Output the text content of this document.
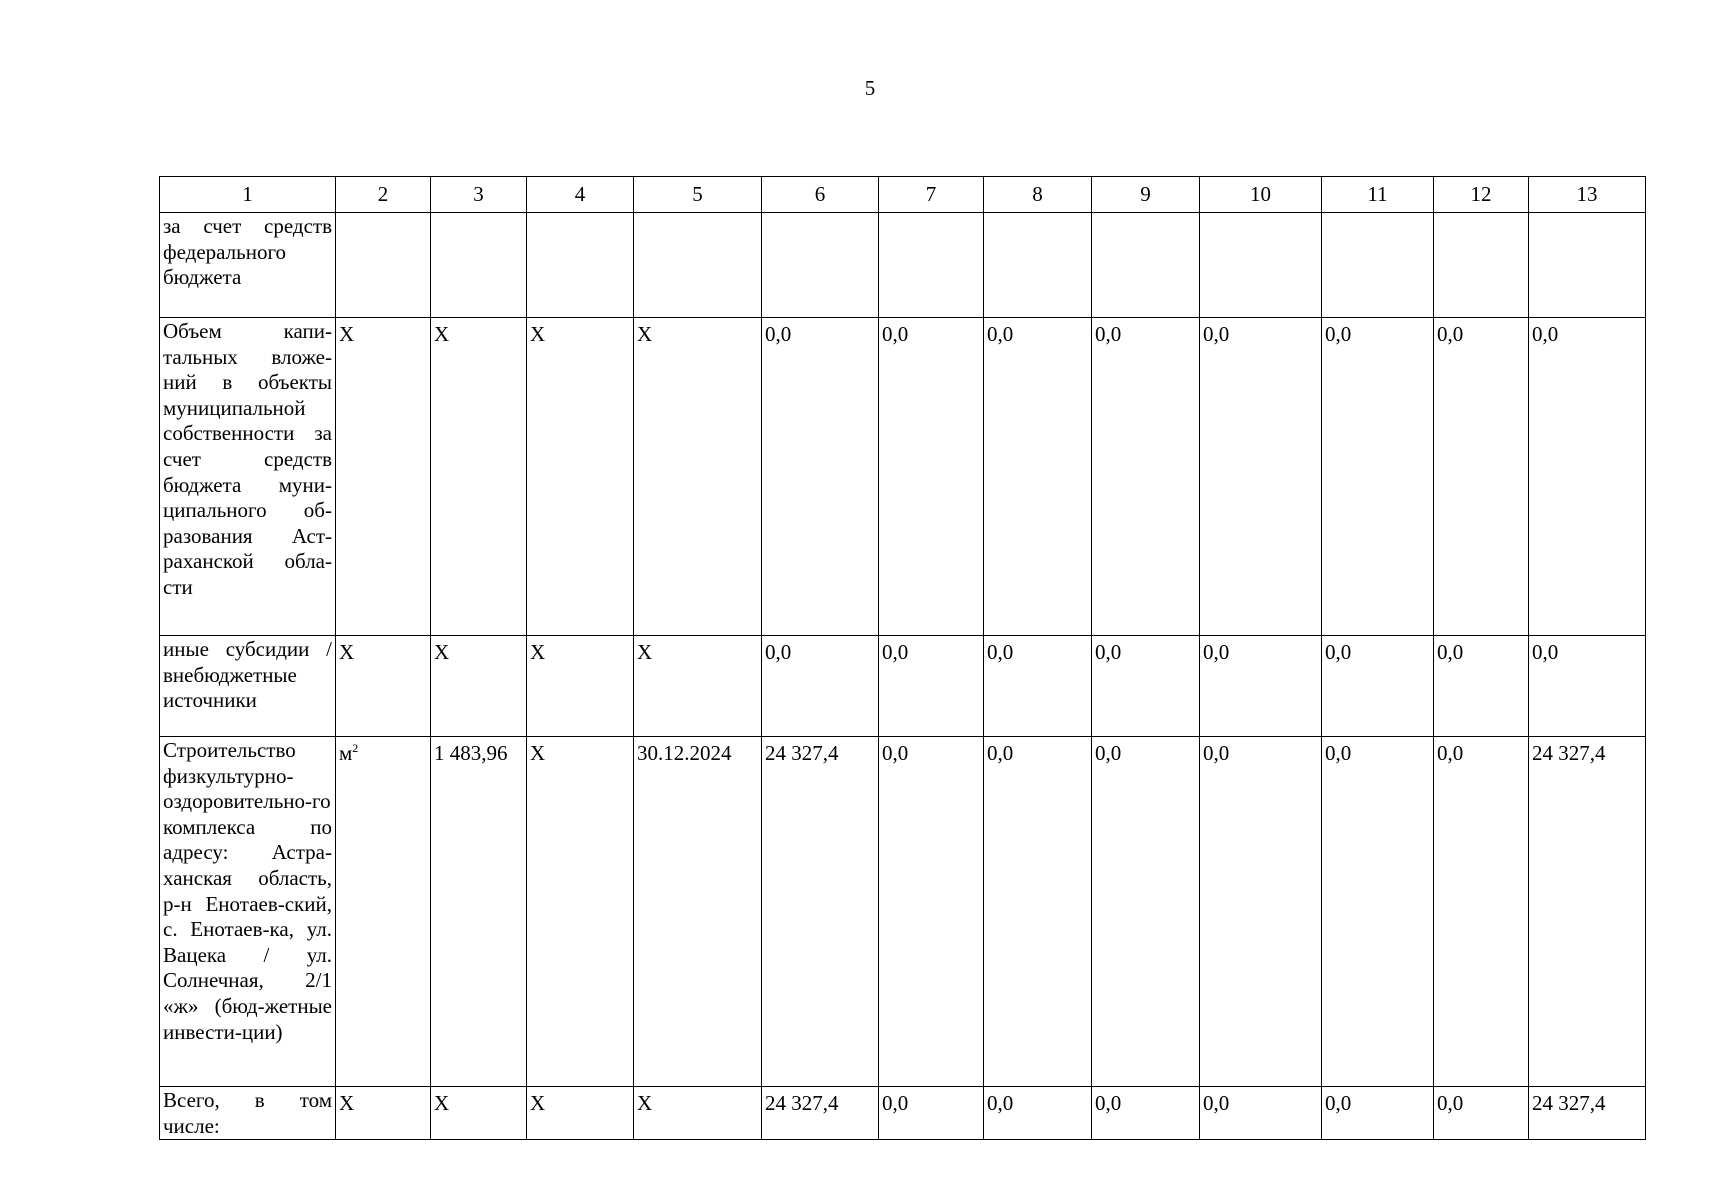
5
1	2	3	4	5	6	7	8	9	10	11	12	13
за счет средств федерального бюджета												
Объем капи-тальных вложе-ний в объекты муниципальной собственности за счет средств бюджета муни-ципального об-разования Аст-раханской обла-сти	X	X	X	X	0,0	0,0	0,0	0,0	0,0	0,0	0,0	0,0
иные субсидии / внебюджетные источники	X	X	X	X	0,0	0,0	0,0	0,0	0,0	0,0	0,0	0,0
Строительство физкультурно-оздоровительно-го комплекса по адресу: Астра-ханская область, р-н Енотаев-ский, с. Енотаев-ка, ул. Вацека / ул. Солнечная, 2/1 «ж» (бюд-жетные инвести-ции)	$м^2$	1 483,96	X	30.12.2024	24 327,4	0,0	0,0	0,0	0,0	0,0	0,0	24 327,4
Всего, в том числе:	X	X	X	X	24 327,4	0,0	0,0	0,0	0,0	0,0	0,0	24 327,4
